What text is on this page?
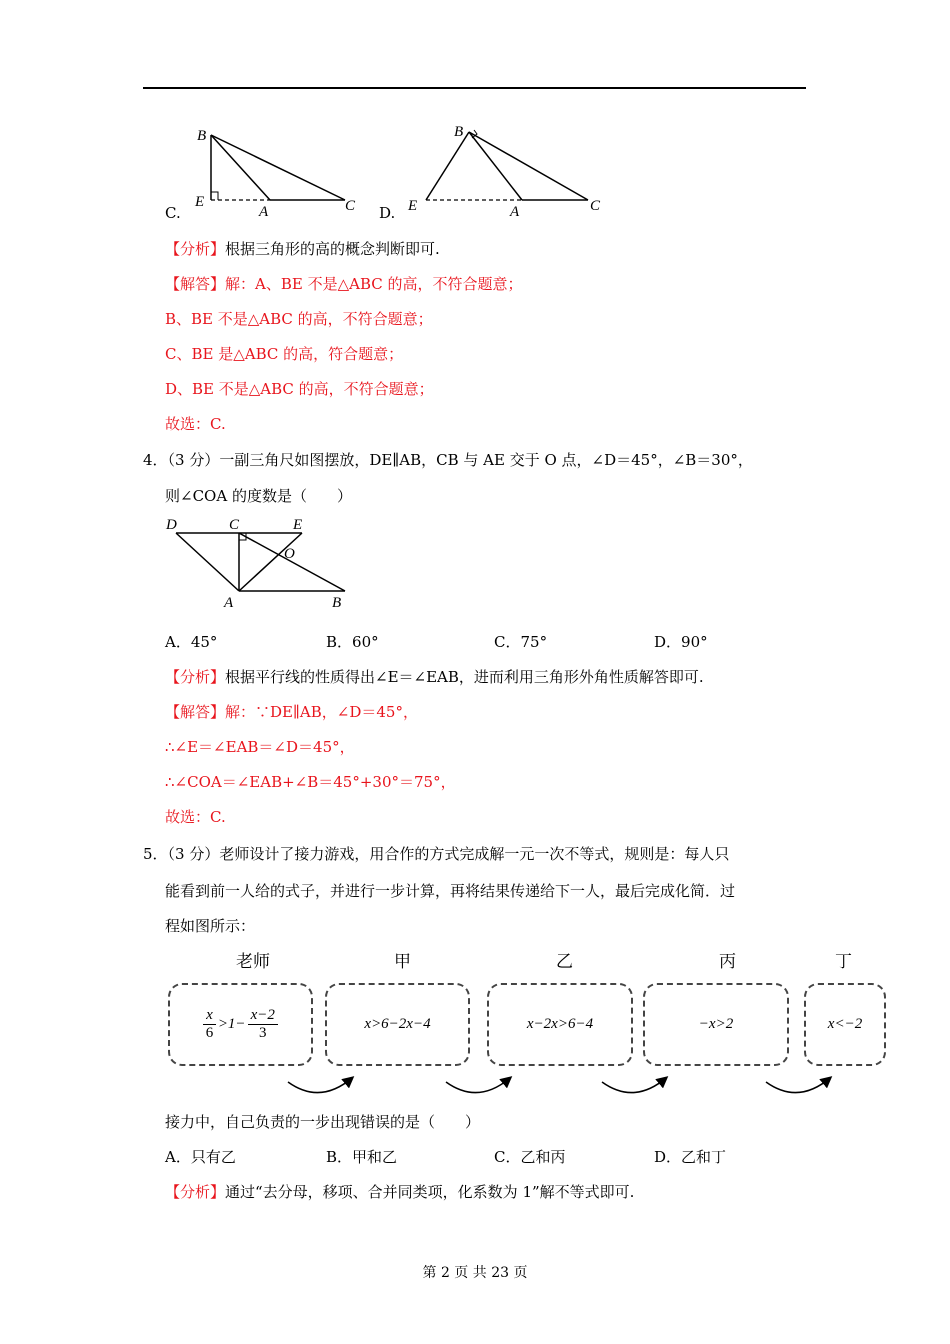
C.
B
E
A	C D.
B
E	A	C
【分析】根据三角形的高的概念判断即可.
【解答】解：A、BE 不是△ABC 的高，不符合题意；
B、BE 不是△ABC 的高，不符合题意；
C、BE 是△ABC 的高，符合题意；
D、BE 不是△ABC 的高，不符合题意；
故选：C.
4．（3 分）一副三角尺如图摆放，DE∥AB，CB 与 AE 交于 O 点，∠D＝45°，∠B＝30°，
则∠COA 的度数是（　　）
D	C	E
O
A	B
A．45°	B．60°	C．75°	D．90°
【分析】根据平行线的性质得出∠E＝∠EAB，进而利用三角形外角性质解答即可.
【解答】解：∵DE∥AB，∠D＝45°，
∴∠E＝∠EAB＝∠D＝45°，
∴∠COA＝∠EAB+∠B＝45°+30°＝75°，
故选：C.
5．（3 分）老师设计了接力游戏，用合作的方式完成解一元一次不等式，规则是：每人只
能看到前一人给的式子，并进行一步计算，再将结果传递给下一人，最后完成化简．过
程如图所示：
老师	甲	乙	丙	丁
$\frac{x}{6} >1- \frac{x-2}{3}$	x>6−2x−4	x−2x>6−4	−x>2	x<−2
接力中，自己负责的一步出现错误的是（　　）
A．只有乙	B．甲和乙	C．乙和丙	D．乙和丁
【分析】通过“去分母，移项、合并同类项，化系数为 1”解不等式即可.
第 2 页 共 23 页
